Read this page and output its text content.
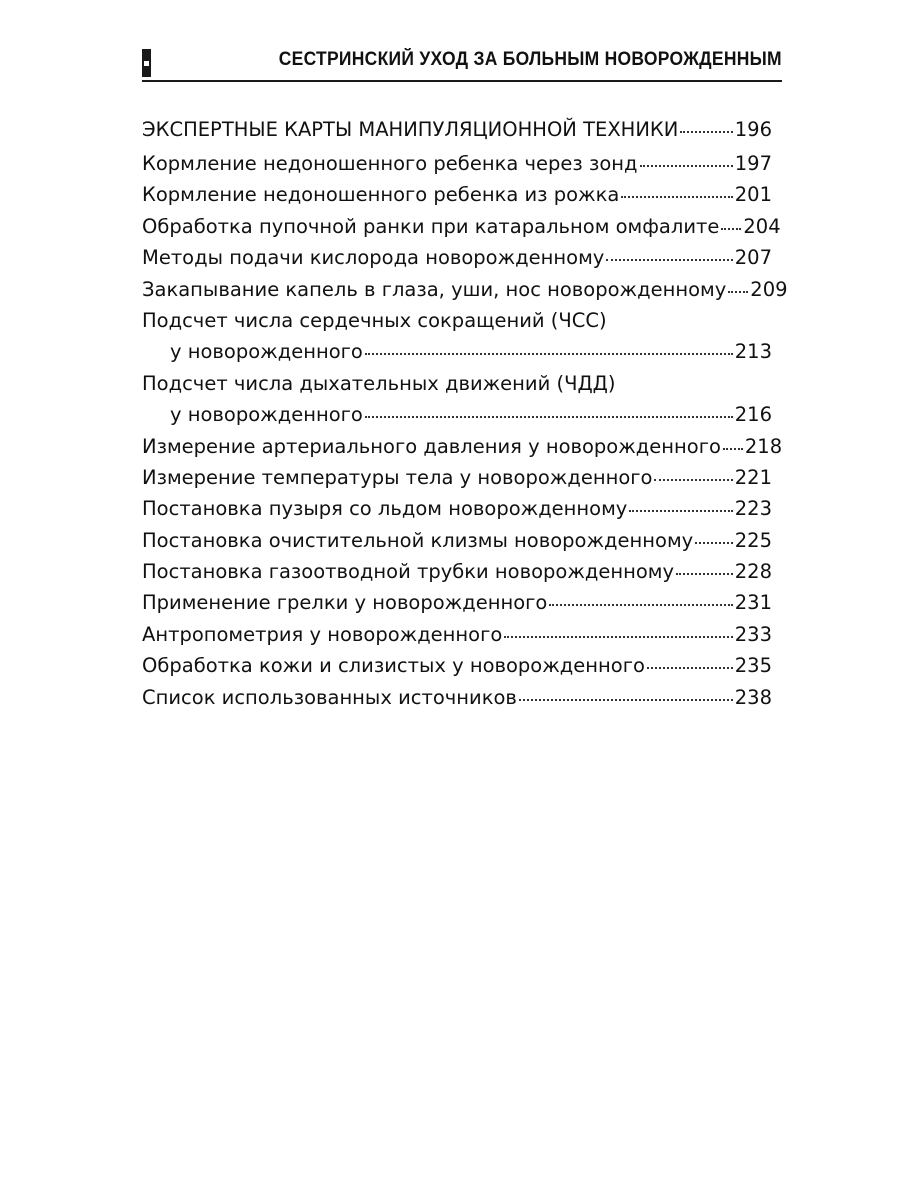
СЕСТРИНСКИЙ УХОД ЗА БОЛЬНЫМ НОВОРОЖДЕННЫМ
ЭКСПЕРТНЫЕ КАРТЫ МАНИПУЛЯЦИОННОЙ ТЕХНИКИ	196
Кормление недоношенного ребенка через зонд	197
Кормление недоношенного ребенка из рожка	201
Обработка пупочной ранки при катаральном омфалите 204
Методы подачи кислорода новорожденному	207
Закапывание капель в глаза, уши, нос новорожденному 209
Подсчет числа сердечных сокращений (ЧСС)
у новорожденного	213
Подсчет числа дыхательных движений (ЧДД)
у новорожденного	216
Измерение артериального давления у новорожденного 218
Измерение температуры тела у новорожденного	221
Постановка пузыря со льдом новорожденному	223
Постановка очистительной клизмы новорожденному 225
Постановка газоотводной трубки новорожденному	228
Применение грелки у новорожденного	231
Антропометрия у новорожденного	233
Обработка кожи и слизистых у новорожденного	235
Список использованных источников	238
